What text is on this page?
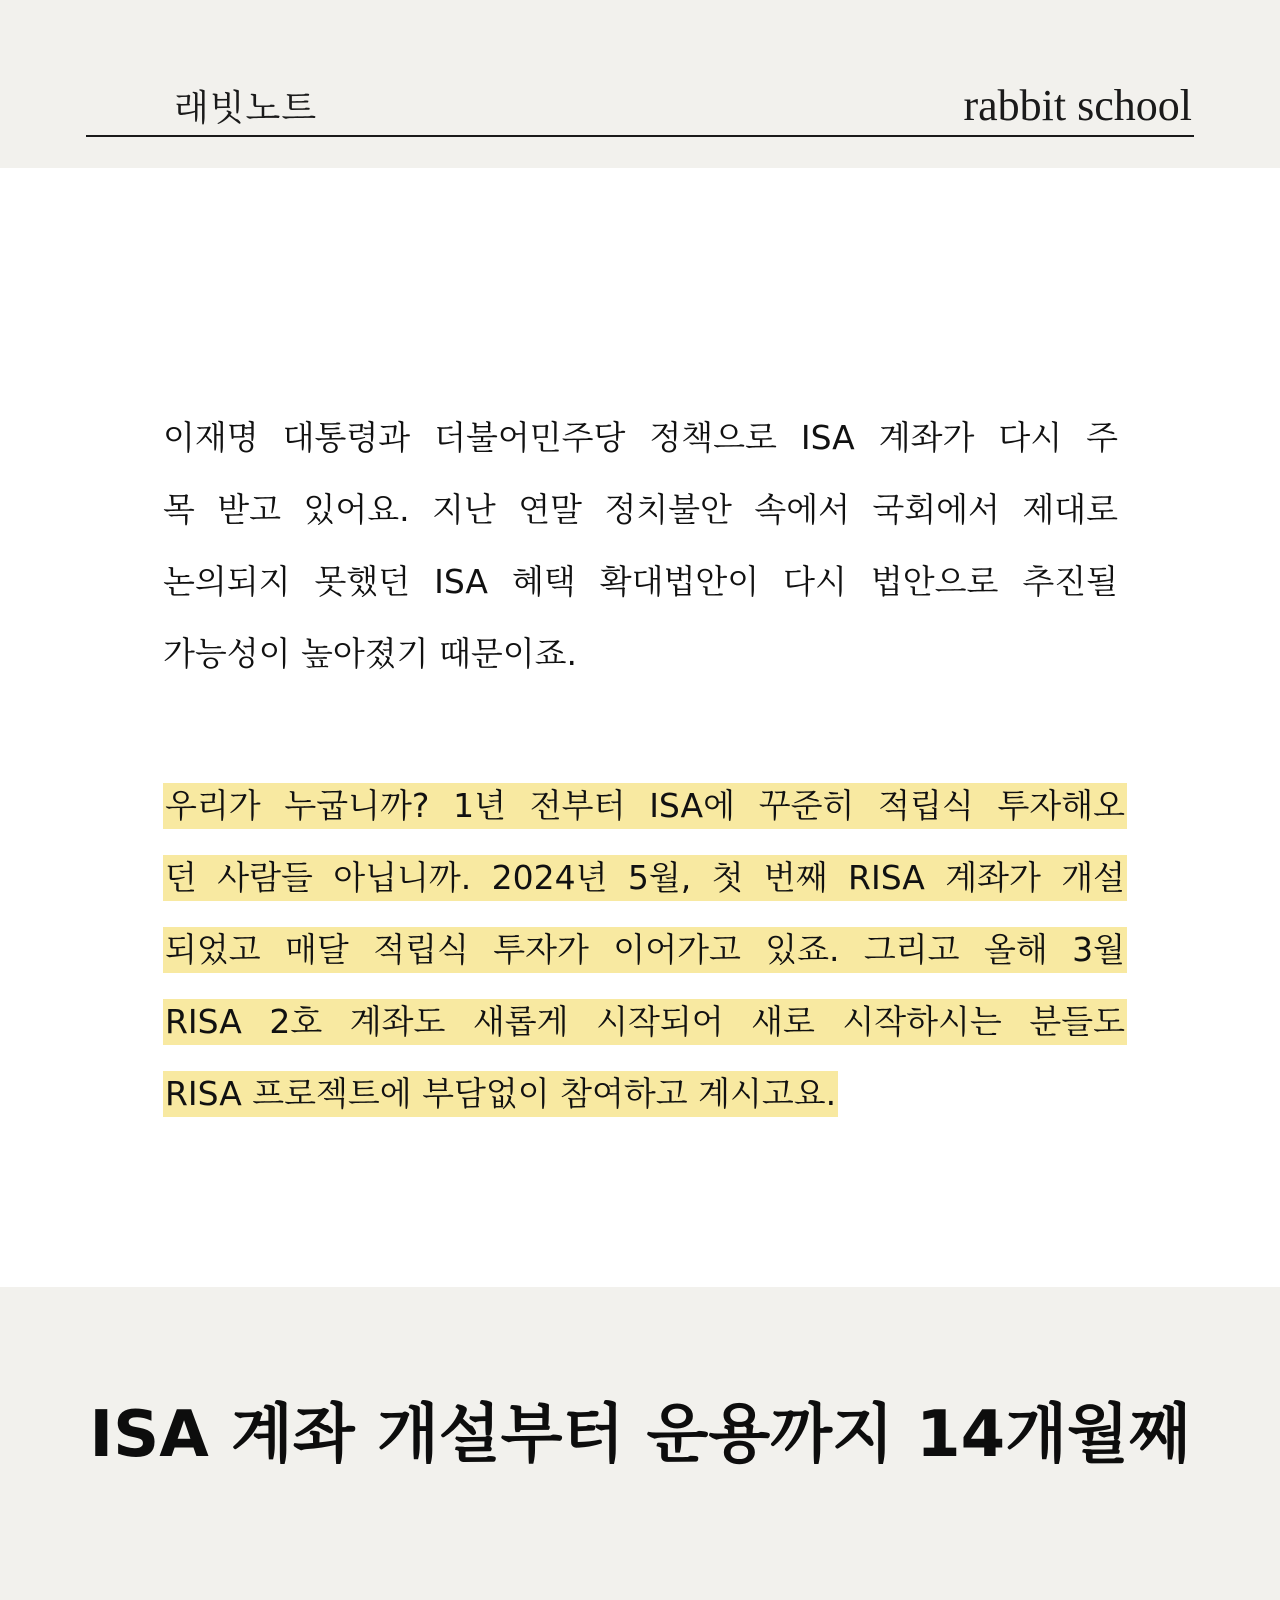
래빗노트	rabbit school
이재명 대통령과 더불어민주당 정책으로 ISA 계좌가 다시 주
목 받고 있어요. 지난 연말 정치불안 속에서 국회에서 제대로
논의되지 못했던 ISA 혜택 확대법안이 다시 법안으로 추진될
가능성이 높아졌기 때문이죠.
우리가 누굽니까? 1년 전부터 ISA에 꾸준히 적립식 투자해오
던 사람들 아닙니까. 2024년 5월, 첫 번째 RISA 계좌가 개설
되었고 매달 적립식 투자가 이어가고 있죠. 그리고 올해 3월
RISA 2호 계좌도 새롭게 시작되어 새로 시작하시는 분들도
RISA 프로젝트에 부담없이 참여하고 계시고요.
ISA 계좌 개설부터 운용까지 14개월째
